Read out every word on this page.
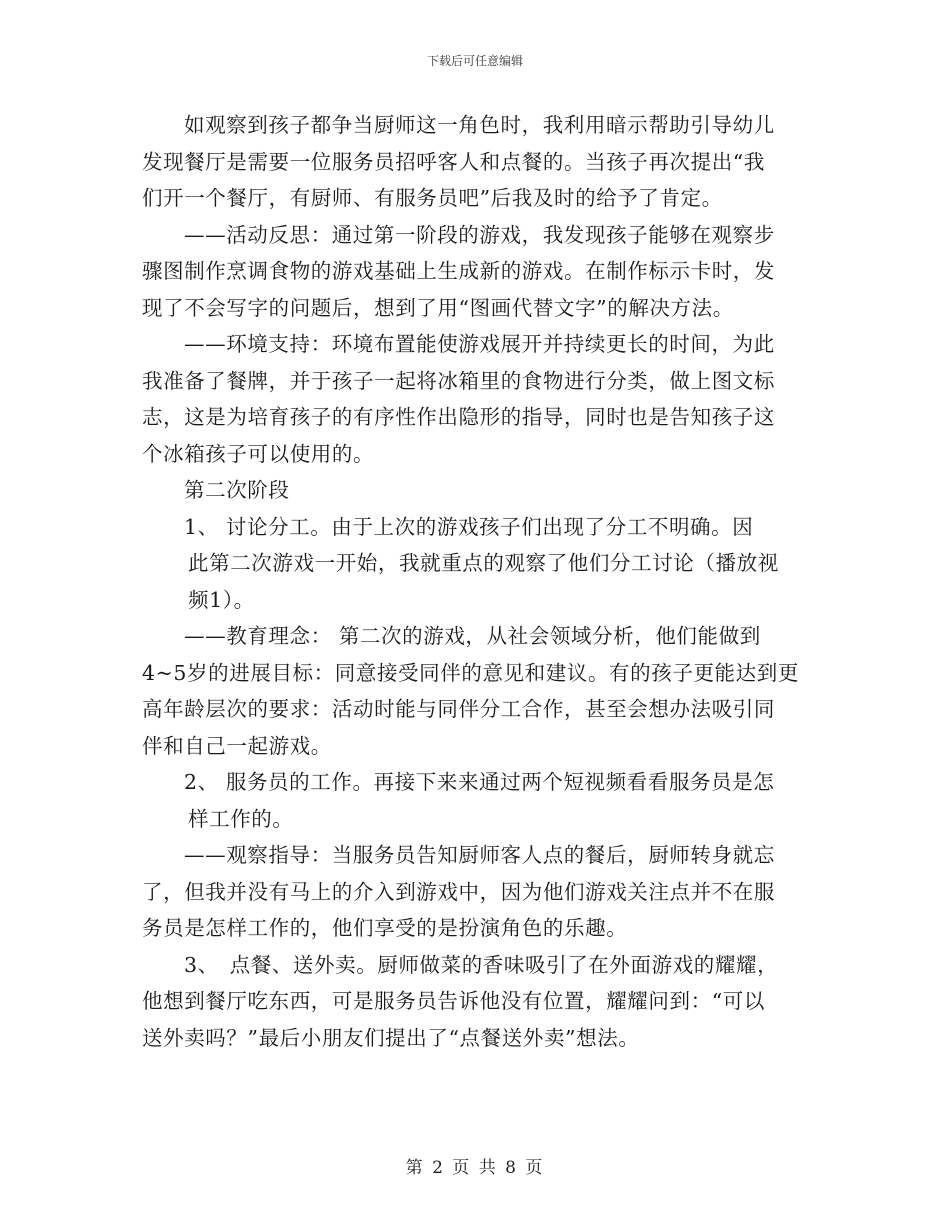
下载后可任意编辑
如观察到孩子都争当厨师这一角色时，我利用暗示帮助引导幼儿
发现餐厅是需要一位服务员招呼客人和点餐的。当孩子再次提出“我
们开一个餐厅，有厨师、有服务员吧”后我及时的给予了肯定。
——活动反思：通过第一阶段的游戏，我发现孩子能够在观察步
骤图制作烹调食物的游戏基础上生成新的游戏。在制作标示卡时，发
现了不会写字的问题后，想到了用“图画代替文字”的解决方法。
——环境支持：环境布置能使游戏展开并持续更长的时间，为此
我准备了餐牌，并于孩子一起将冰箱里的食物进行分类，做上图文标
志，这是为培育孩子的有序性作出隐形的指导，同时也是告知孩子这
个冰箱孩子可以使用的。
第二次阶段
1、 讨论分工。由于上次的游戏孩子们出现了分工不明确。因
此第二次游戏一开始，我就重点的观察了他们分工讨论（播放视
频1）。
——教育理念： 第二次的游戏，从社会领域分析，他们能做到
4~5岁的进展目标：同意接受同伴的意见和建议。有的孩子更能达到更
高年龄层次的要求：活动时能与同伴分工合作，甚至会想办法吸引同
伴和自己一起游戏。
2、 服务员的工作。再接下来来通过两个短视频看看服务员是怎
样工作的。
——观察指导：当服务员告知厨师客人点的餐后，厨师转身就忘
了，但我并没有马上的介入到游戏中，因为他们游戏关注点并不在服
务员是怎样工作的，他们享受的是扮演角色的乐趣。
3、　点餐、送外卖。厨师做菜的香味吸引了在外面游戏的耀耀，
他想到餐厅吃东西，可是服务员告诉他没有位置，耀耀问到：“可以
送外卖吗？”最后小朋友们提出了“点餐送外卖”想法。
第 2 页 共 8 页
